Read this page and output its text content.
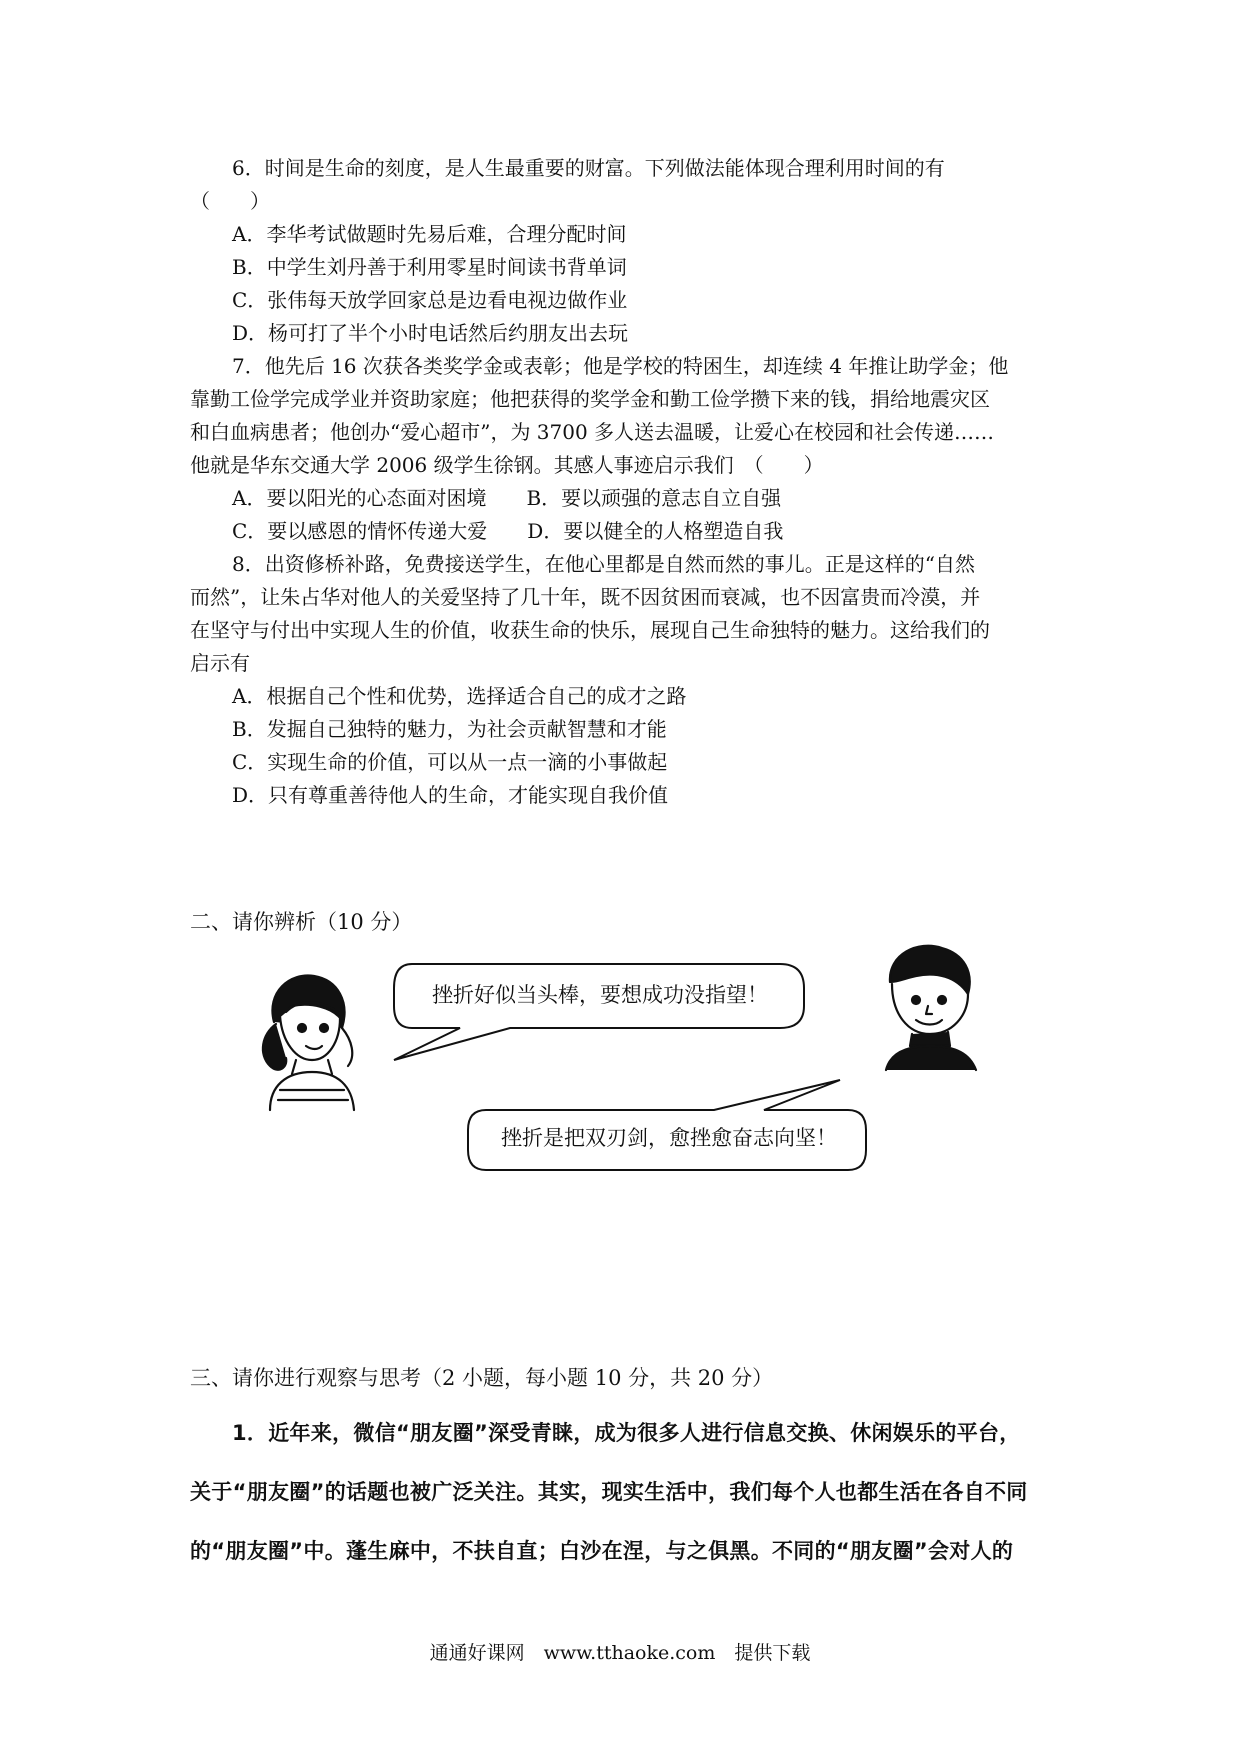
6．时间是生命的刻度，是人生最重要的财富。下列做法能体现合理利用时间的有
（　　）
A．李华考试做题时先易后难，合理分配时间
B．中学生刘丹善于利用零星时间读书背单词
C．张伟每天放学回家总是边看电视边做作业
D．杨可打了半个小时电话然后约朋友出去玩
7．他先后 16 次获各类奖学金或表彰；他是学校的特困生，却连续 4 年推让助学金；他
靠勤工俭学完成学业并资助家庭；他把获得的奖学金和勤工俭学攒下来的钱，捐给地震灾区
和白血病患者；他创办“爱心超市”，为 3700 多人送去温暖，让爱心在校园和社会传递……
他就是华东交通大学 2006 级学生徐钢。其感人事迹启示我们　（　　）
A．要以阳光的心态面对困境　　B．要以顽强的意志自立自强
C．要以感恩的情怀传递大爱　　D．要以健全的人格塑造自我
8．出资修桥补路，免费接送学生，在他心里都是自然而然的事儿。正是这样的“自然
而然”，让朱占华对他人的关爱坚持了几十年，既不因贫困而衰减，也不因富贵而冷漠，并
在坚守与付出中实现人生的价值，收获生命的快乐，展现自己生命独特的魅力。这给我们的
启示有
A．根据自己个性和优势，选择适合自己的成才之路
B．发掘自己独特的魅力，为社会贡献智慧和才能
C．实现生命的价值，可以从一点一滴的小事做起
D．只有尊重善待他人的生命，才能实现自我价值
二、请你辨析（10 分）
挫折好似当头棒，要想成功没指望！
挫折是把双刃剑，愈挫愈奋志向坚！
三、请你进行观察与思考（2 小题，每小题 10 分，共 20 分）
1．近年来，微信“朋友圈”深受青睐，成为很多人进行信息交换、休闲娱乐的平台，
关于“朋友圈”的话题也被广泛关注。其实，现实生活中，我们每个人也都生活在各自不同
的“朋友圈”中。蓬生麻中，不扶自直；白沙在涅，与之俱黑。不同的“朋友圈”会对人的
通通好课网　www.tthaoke.com　提供下载
